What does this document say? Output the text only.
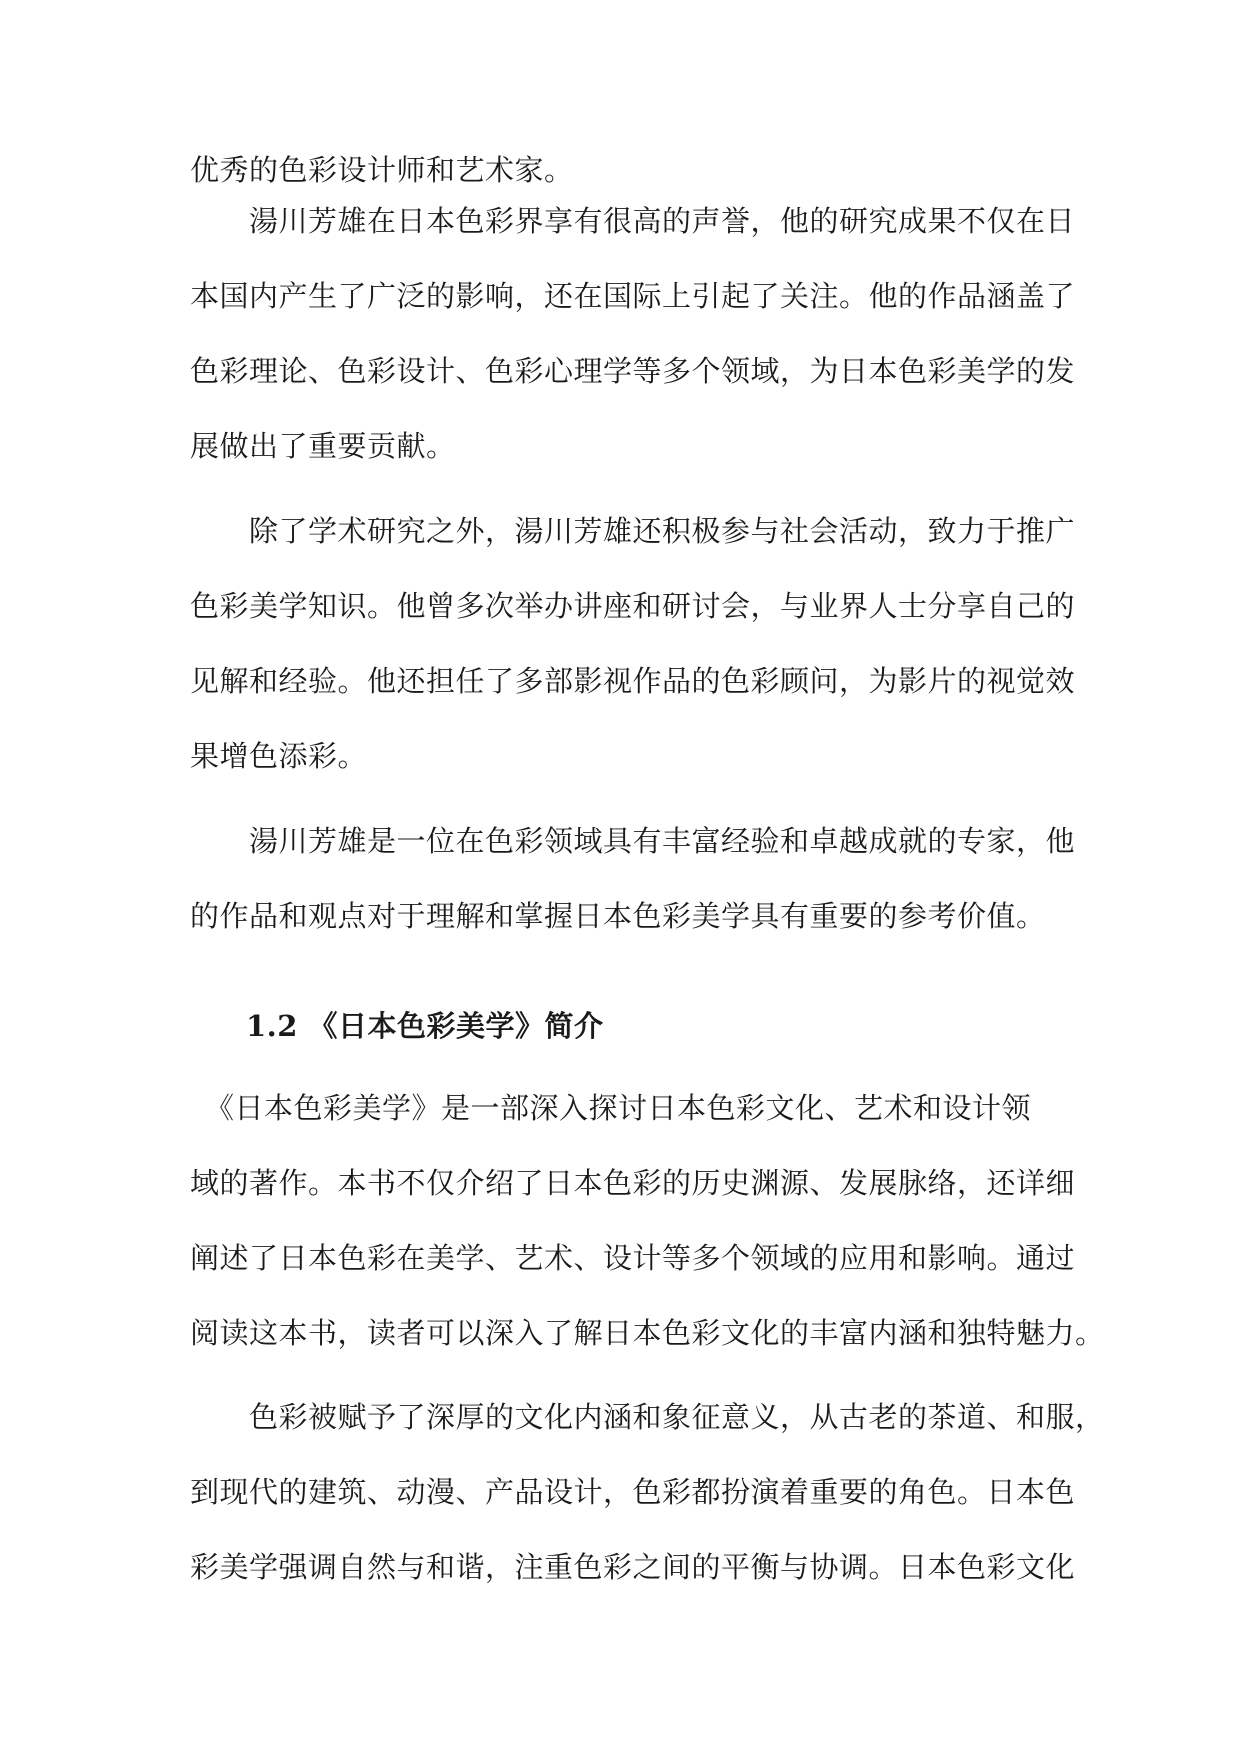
优秀的色彩设计师和艺术家。
　　湯川芳雄在日本色彩界享有很高的声誉，他的研究成果不仅在日
本国内产生了广泛的影响，还在国际上引起了关注。他的作品涵盖了
色彩理论、色彩设计、色彩心理学等多个领域，为日本色彩美学的发
展做出了重要贡献。
　　除了学术研究之外，湯川芳雄还积极参与社会活动，致力于推广
色彩美学知识。他曾多次举办讲座和研讨会，与业界人士分享自己的
见解和经验。他还担任了多部影视作品的色彩顾问，为影片的视觉效
果增色添彩。
　　湯川芳雄是一位在色彩领域具有丰富经验和卓越成就的专家，他
的作品和观点对于理解和掌握日本色彩美学具有重要的参考价值。
1.2 《日本色彩美学》简介
　《日本色彩美学》是一部深入探讨日本色彩文化、艺术和设计领
域的著作。本书不仅介绍了日本色彩的历史渊源、发展脉络，还详细
阐述了日本色彩在美学、艺术、设计等多个领域的应用和影响。通过
阅读这本书，读者可以深入了解日本色彩文化的丰富内涵和独特魅力。
　　色彩被赋予了深厚的文化内涵和象征意义，从古老的茶道、和服，
到现代的建筑、动漫、产品设计，色彩都扮演着重要的角色。日本色
彩美学强调自然与和谐，注重色彩之间的平衡与协调。日本色彩文化
